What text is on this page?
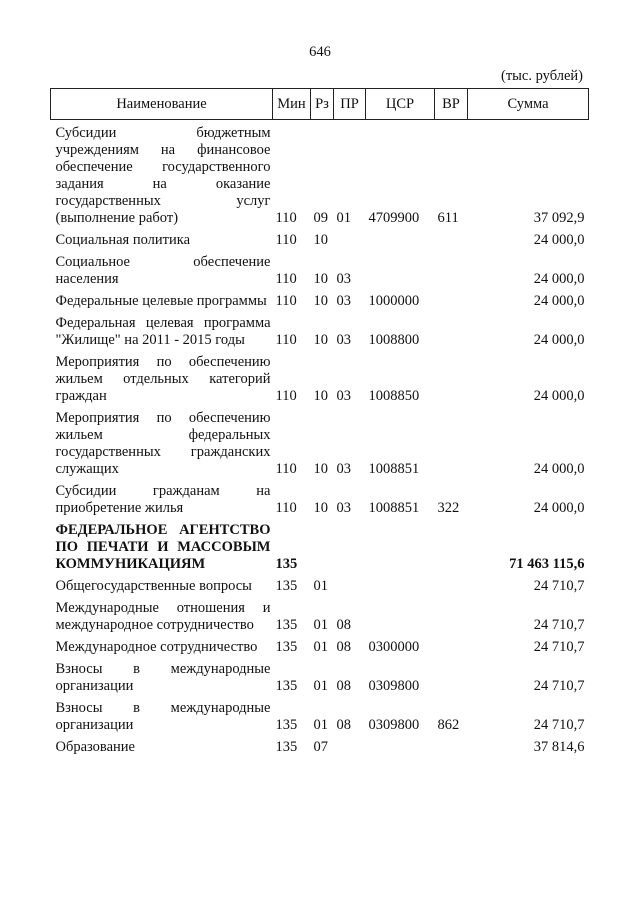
646
(тыс. рублей)
Наименование	Мин	Рз	ПР	ЦСР	ВР	Сумма

Субсидии бюджетным учреждениям на финансовое обеспечение государственного задания на оказание государственных услуг (выполнение работ)	110	09	01	4709900	611	37 092,9

Социальная политика	110	10				24 000,0

Социальное обеспечение населения	110	10	03			24 000,0

Федеральные целевые программы	110	10	03	1000000		24 000,0

Федеральная целевая программа "Жилище" на 2011 - 2015 годы	110	10	03	1008800		24 000,0

Мероприятия по обеспечению жильем отдельных категорий граждан	110	10	03	1008850		24 000,0

Мероприятия по обеспечению жильем федеральных государственных гражданских служащих	110	10	03	1008851		24 000,0

Субсидии гражданам на приобретение жилья	110	10	03	1008851	322	24 000,0

ФЕДЕРАЛЬНОЕ АГЕНТСТВО ПО ПЕЧАТИ И МАССОВЫМ КОММУНИКАЦИЯМ	135					71 463 115,6

Общегосударственные вопросы	135	01				24 710,7

Международные отношения и международное сотрудничество	135	01	08			24 710,7

Международное сотрудничество	135	01	08	0300000		24 710,7

Взносы в международные организации	135	01	08	0309800		24 710,7

Взносы в международные организации	135	01	08	0309800	862	24 710,7

Образование	135	07				37 814,6
